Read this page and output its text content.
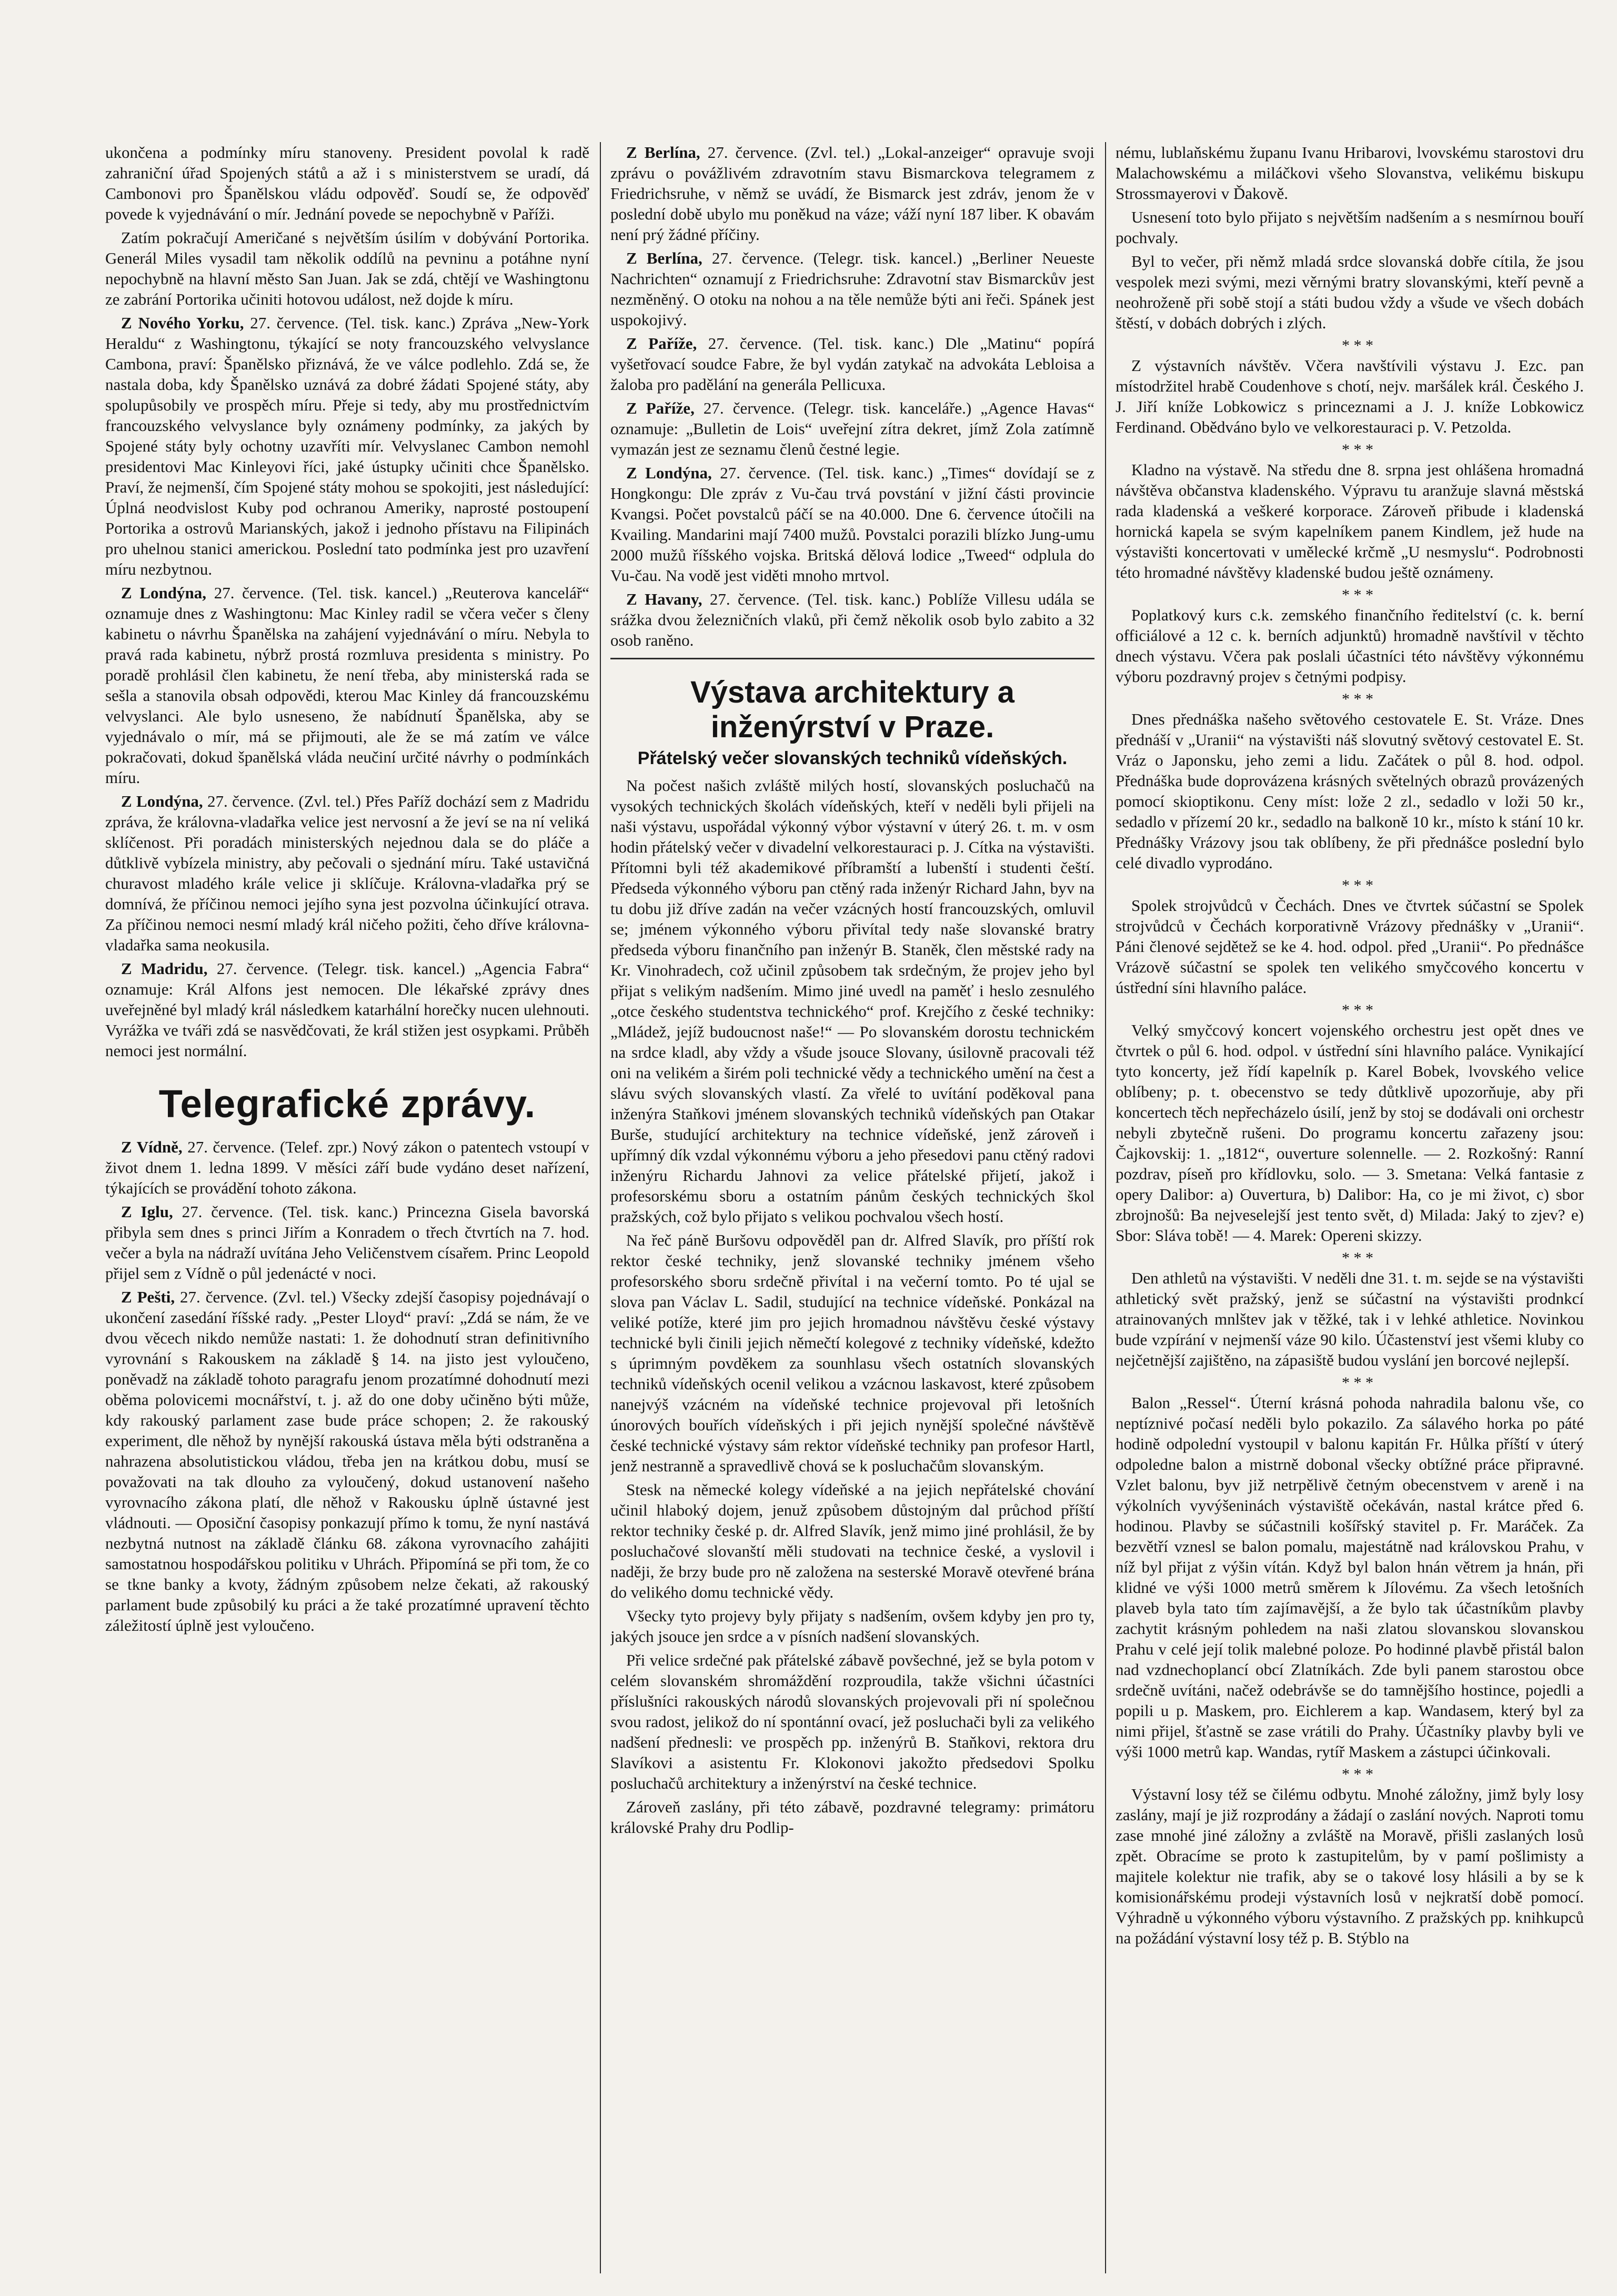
ukončena a podmínky míru stanoveny. President povolal k radě zahraniční úřad Spojených států a až i s ministerstvem se uradí, dá Cambonovi pro Španělskou vládu odpověď. Soudí se, že odpověď povede k vyjednávání o mír. Jednání povede se nepochybně v Paříži.

Zatím pokračují Američané s největším úsilím v dobývání Portorika. Generál Miles vysadil tam několik oddílů na pevninu a potáhne nyní nepochybně na hlavní město San Juan. Jak se zdá, chtějí ve Washingtonu ze zabrání Portorika učiniti hotovou událost, než dojde k míru.

Z Nového Yorku, 27. července. (Tel. tisk. kanc.) Zpráva „New-York Heraldu“ z Washingtonu, týkající se noty francouzského velvyslance Cambona, praví: Španělsko přiznává, že ve válce podlehlo. Zdá se, že nastala doba, kdy Španělsko uznává za dobré žádati Spojené státy, aby spolupůsobily ve prospěch míru. Přeje si tedy, aby mu prostřednictvím francouzského velvyslance byly oznámeny podmínky, za jakých by Spojené státy byly ochotny uzavříti mír. Velvyslanec Cambon nemohl presidentovi Mac Kinleyovi říci, jaké ústupky učiniti chce Španělsko. Praví, že nejmenší, čím Spojené státy mohou se spokojiti, jest následující: Úplná neodvislost Kuby pod ochranou Ameriky, naprosté postoupení Portorika a ostrovů Marianských, jakož i jednoho přístavu na Filipinách pro uhelnou stanici americkou. Poslední tato podmínka jest pro uzavření míru nezbytnou.

Z Londýna, 27. července. (Tel. tisk. kancel.) „Reuterova kancelář“ oznamuje dnes z Washingtonu: Mac Kinley radil se včera večer s členy kabinetu o návrhu Španělska na zahájení vyjednávání o míru. Nebyla to pravá rada kabinetu, nýbrž prostá rozmluva presidenta s ministry. Po poradě prohlásil člen kabinetu, že není třeba, aby ministerská rada se sešla a stanovila obsah odpovědi, kterou Mac Kinley dá francouzskému velvyslanci. Ale bylo usneseno, že nabídnutí Španělska, aby se vyjednávalo o mír, má se přijmouti, ale že se má zatím ve válce pokračovati, dokud španělská vláda neučiní určité návrhy o podmínkách míru.

Z Londýna, 27. července. (Zvl. tel.) Přes Paříž dochází sem z Madridu zpráva, že královna-vladařka velice jest nervosní a že jeví se na ní veliká sklíčenost. Při poradách ministerských nejednou dala se do pláče a důtklivě vybízela ministry, aby pečovali o sjednání míru. Také ustavičná churavost mladého krále velice ji sklíčuje. Královna-vladařka prý se domnívá, že příčinou nemoci jejího syna jest pozvolna účinkující otrava. Za příčinou nemoci nesmí mladý král ničeho požiti, čeho dříve královna-vladařka sama neokusila.

Z Madridu, 27. července. (Telegr. tisk. kancel.) „Agencia Fabra“ oznamuje: Král Alfons jest nemocen. Dle lékařské zprávy dnes uveřejněné byl mladý král následkem katarhální horečky nucen ulehnouti. Vyrážka ve tváři zdá se nasvědčovati, že král stižen jest osypkami. Průběh nemoci jest normální.

Telegrafické zprávy.

Z Vídně, 27. července. (Telef. zpr.) Nový zákon o patentech vstoupí v život dnem 1. ledna 1899. V měsíci září bude vydáno deset nařízení, týkajících se provádění tohoto zákona.

Z Iglu, 27. července. (Tel. tisk. kanc.) Princezna Gisela bavorská přibyla sem dnes s princi Jiřím a Konradem o třech čtvrtích na 7. hod. večer a byla na nádraží uvítána Jeho Veličenstvem císařem. Princ Leopold přijel sem z Vídně o půl jedenácté v noci.

Z Pešti, 27. července. (Zvl. tel.) Všecky zdejší časopisy pojednávají o ukončení zasedání říšské rady. „Pester Lloyd“ praví: „Zdá se nám, že ve dvou věcech nikdo nemůže nastati: 1. že dohodnutí stran definitivního vyrovnání s Rakouskem na základě § 14. na jisto jest vyloučeno, poněvadž na základě tohoto paragrafu jenom prozatímné dohodnutí mezi oběma polovicemi mocnářství, t. j. až do one doby učiněno býti může, kdy rakouský parlament zase bude práce schopen; 2. že rakouský experiment, dle něhož by nynější rakouská ústava měla býti odstraněna a nahrazena absolutistickou vládou, třeba jen na krátkou dobu, musí se považovati na tak dlouho za vyloučený, dokud ustanovení našeho vyrovnacího zákona platí, dle něhož v Rakousku úplně ústavné jest vládnouti. — Oposiční časopisy ponkazují přímo k tomu, že nyní nastává nezbytná nutnost na základě článku 68. zákona vyrovnacího zahájiti samostatnou hospodářskou politiku v Uhrách. Připomíná se při tom, že co se tkne banky a kvoty, žádným způsobem nelze čekati, až rakouský parlament bude způsobilý ku práci a že také prozatímné upravení těchto záležitostí úplně jest vyloučeno.

Z Berlína, 27. července. (Zvl. tel.) „Lokal-anzeiger“ opravuje svoji zprávu o povážlivém zdravotním stavu Bismarckova telegramem z Friedrichsruhe, v němž se uvádí, že Bismarck jest zdráv, jenom že v poslední době ubylo mu poněkud na váze; váží nyní 187 liber. K obavám není prý žádné příčiny.

Z Berlína, 27. července. (Telegr. tisk. kancel.) „Berliner Neueste Nachrichten“ oznamují z Friedrichsruhe: Zdravotní stav Bismarckův jest nezměněný. O otoku na nohou a na těle nemůže býti ani řeči. Spánek jest uspokojivý.

Z Paříže, 27. července. (Tel. tisk. kanc.) Dle „Matinu“ popírá vyšetřovací soudce Fabre, že byl vydán zatykač na advokáta Lebloisa a žaloba pro padělání na generála Pellicuxa.

Z Paříže, 27. července. (Telegr. tisk. kanceláře.) „Agence Havas“ oznamuje: „Bulletin de Lois“ uveřejní zítra dekret, jímž Zola zatímně vymazán jest ze seznamu členů čestné legie.

Z Londýna, 27. července. (Tel. tisk. kanc.) „Times“ dovídají se z Hongkongu: Dle zpráv z Vu-čau trvá povstání v jižní části provincie Kvangsi. Počet povstalců páčí se na 40.000. Dne 6. července útočili na Kvailing. Mandarini mají 7400 mužů. Povstalci porazili blízko Jung-umu 2000 mužů říšského vojska. Britská dělová lodice „Tweed“ odplula do Vu-čau. Na vodě jest viděti mnoho mrtvol.

Z Havany, 27. července. (Tel. tisk. kanc.) Poblíže Villesu udála se srážka dvou železničních vlaků, při čemž několik osob bylo zabito a 32 osob raněno.

Výstava architektury a inženýrství v Praze.
Přátelský večer slovanských techniků vídeňských.

Na počest našich zvláště milých hostí, slovanských posluchačů na vysokých technických školách vídeňských, kteří v neděli byli přijeli na naši výstavu, uspořádal výkonný výbor výstavní v úterý 26. t. m. v osm hodin přátelský večer v divadelní velkorestauraci p. J. Cítka na výstavišti. Přítomni byli též akademikové příbramští a lubenští i studenti čeští. Předseda výkonného výboru pan ctěný rada inženýr Richard Jahn, byv na tu dobu již dříve zadán na večer vzácných hostí francouzských, omluvil se; jménem výkonného výboru přivítal tedy naše slovanské bratry předseda výboru finančního pan inženýr B. Staněk, člen městské rady na Kr. Vinohradech, což učinil způsobem tak srdečným, že projev jeho byl přijat s velikým nadšením. Mimo jiné uvedl na paměť i heslo zesnulého „otce českého studentstva technického“ prof. Krejčího z české techniky: „Mládež, jejíž budoucnost naše!“ — Po slovanském dorostu technickém na srdce kladl, aby vždy a všude jsouce Slovany, úsilovně pracovali též oni na velikém a širém poli technické vědy a technického umění na čest a slávu svých slovanských vlastí. Za vřelé to uvítání poděkoval pana inženýra Staňkovi jménem slovanských techniků vídeňských pan Otakar Burše, studující architektury na technice vídeňské, jenž zároveň i upřímný dík vzdal výkonnému výboru a jeho přesedovi panu ctěný radovi inženýru Richardu Jahnovi za velice přátelské přijetí, jakož i profesorskému sboru a ostatním pánům českých technických škol pražských, což bylo přijato s velikou pochvalou všech hostí.

Na řeč páně Buršovu odpověděl pan dr. Alfred Slavík, pro příští rok rektor české techniky, jenž slovanské techniky jménem všeho profesorského sboru srdečně přivítal i na večerní tomto. Po té ujal se slova pan Václav L. Sadil, studující na technice vídeňské. Ponkázal na veliké potíže, které jim pro jejich hromadnou návštěvu české výstavy technické byli činili jejich němečtí kolegové z techniky vídeňské, kdežto s úprimným povděkem za sounhlasu všech ostatních slovanských techniků vídeňských ocenil velikou a vzácnou laskavost, které způsobem nanejvýš vzácném na vídeňské technice projevoval při letošních únorových bouřích vídeňských i při jejich nynější společné návštěvě české technické výstavy sám rektor vídeňské techniky pan profesor Hartl, jenž nestranně a spravedlivě chová se k posluchačům slovanským.

Stesk na německé kolegy vídeňské a na jejich nepřátelské chování učinil hlaboký dojem, jenuž způsobem důstojným dal průchod příští rektor techniky české p. dr. Alfred Slavík, jenž mimo jiné prohlásil, že by posluchačové slovanští měli studovati na technice české, a vyslovil i naději, že brzy bude pro ně založena na sesterské Moravě otevřené brána do velikého domu technické vědy.

Všecky tyto projevy byly přijaty s nadšením, ovšem kdyby jen pro ty, jakých jsouce jen srdce a v písních nadšení slovanských.

Při velice srdečné pak přátelské zábavě povšechné, jež se byla potom v celém slovanském shromáždění rozproudila, takže všichni účastníci příslušníci rakouských národů slovanských projevovali při ní společnou svou radost, jelikož do ní spontánní ovací, jež posluchači byli za velikého nadšení přednesli: ve prospěch pp. inženýrů B. Staňkovi, rektora dru Slavíkovi a asistentu Fr. Klokonovi jakožto předsedovi Spolku posluchačů architektury a inženýrství na české technice.

Zároveň zaslány, při této zábavě, pozdravné telegramy: primátoru královské Prahy dru Podlip-

nému, lublaňskému županu Ivanu Hribarovi, lvovskému starostovi dru Malachowskému a miláčkovi všeho Slovanstva, velikému biskupu Strossmayerovi v Ďakově.

Usnesení toto bylo přijato s největším nadšením a s nesmírnou bouří pochvaly.

Byl to večer, při němž mladá srdce slovanská dobře cítila, že jsou vespolek mezi svými, mezi věrnými bratry slovanskými, kteří pevně a neohroženě při sobě stojí a státi budou vždy a všude ve všech dobách štěstí, v dobách dobrých i zlých.

* * *

Z výstavních návštěv. Včera navštívili výstavu J. Ezc. pan místodržitel hrabě Coudenhove s chotí, nejv. maršálek král. Českého J. J. Jiří kníže Lobkowicz s princeznami a J. J. kníže Lobkowicz Ferdinand. Obědváno bylo ve velkorestauraci p. V. Petzolda.

* * *

Kladno na výstavě. Na středu dne 8. srpna jest ohlášena hromadná návštěva občanstva kladenského. Výpravu tu aranžuje slavná městská rada kladenská a veškeré korporace. Zároveň přibude i kladenská hornická kapela se svým kapelníkem panem Kindlem, jež hude na výstavišti koncertovati v umělecké krčmě „U nesmyslu“. Podrobnosti této hromadné návštěvy kladenské budou ještě oznámeny.

* * *

Poplatkový kurs c.k. zemského finančního ředitelství (c. k. berní officiálové a 12 c. k. berních adjunktů) hromadně navštívil v těchto dnech výstavu. Včera pak poslali účastníci této návštěvy výkonnému výboru pozdravný projev s četnými podpisy.

* * *

Dnes přednáška našeho světového cestovatele E. St. Vráze. Dnes přednáší v „Uranii“ na výstavišti náš slovutný světový cestovatel E. St. Vráz o Japonsku, jeho zemi a lidu. Začátek o půl 8. hod. odpol. Přednáška bude doprovázena krásných světelných obrazů provázených pomocí skioptikonu. Ceny míst: lože 2 zl., sedadlo v loži 50 kr., sedadlo v přízemí 20 kr., sedadlo na balkoně 10 kr., místo k stání 10 kr. Přednášky Vrázovy jsou tak oblíbeny, že při přednášce poslední bylo celé divadlo vyprodáno.

* * *

Spolek strojvůdců v Čechách. Dnes ve čtvrtek súčastní se Spolek strojvůdců v Čechách korporativně Vrázovy přednášky v „Uranii“. Páni členové sejdětež se ke 4. hod. odpol. před „Uranii“. Po přednášce Vrázově súčastní se spolek ten velikého smyčcového koncertu v ústřední síni hlavního paláce.

* * *

Velký smyčcový koncert vojenského orchestru jest opět dnes ve čtvrtek o půl 6. hod. odpol. v ústřední síni hlavního paláce. Vynikající tyto koncerty, jež řídí kapelník p. Karel Bobek, lvovského velice oblíbeny; p. t. obecenstvo se tedy důtklivě upozorňuje, aby při koncertech těch nepřecházelo úsilí, jenž by stoj se dodávali oni orchestr nebyli zbytečně rušeni. Do programu koncertu zařazeny jsou: Čajkovskij: 1. „1812“, ouverture solennelle. — 2. Rozkošný: Ranní pozdrav, píseň pro křídlovku, solo. — 3. Smetana: Velká fantasie z opery Dalibor: a) Ouvertura, b) Dalibor: Ha, co je mi život, c) sbor zbrojnošů: Ba nejveselejší jest tento svět, d) Milada: Jaký to zjev? e) Sbor: Sláva tobě! — 4. Marek: Opereni skizzy.

* * *

Den athletů na výstavišti. V neděli dne 31. t. m. sejde se na výstavišti athletický svět pražský, jenž se súčastní na výstavišti prodnkcí atrainovaných mnlštev jak v těžké, tak i v lehké athletice. Novinkou bude vzpírání v nejmenší váze 90 kilo. Účastenství jest všemi kluby co nejčetnější zajištěno, na zápasiště budou vyslání jen borcové nejlepší.

* * *

Balon „Ressel“. Úterní krásná pohoda nahradila balonu vše, co neptíznivé počasí neděli bylo pokazilo. Za sálavého horka po páté hodině odpolední vystoupil v balonu kapitán Fr. Hůlka příští v úterý odpoledne balon a mistrně dobonal všecky obtížné práce připravné. Vzlet balonu, byv již netrpělivě četným obecenstvem v areně i na výkolních vyvýšeninách výstaviště očekáván, nastal krátce před 6. hodinou. Plavby se súčastnili košířský stavitel p. Fr. Maráček. Za bezvětří vznesl se balon pomalu, majestátně nad královskou Prahu, v níž byl přijat z výšin vítán. Když byl balon hnán větrem ja hnán, při klidné ve výši 1000 metrů směrem k Jílovému. Za všech letošních plaveb byla tato tím zajímavější, a že bylo tak účastníkům plavby zachytit krásným pohledem na naši zlatou slovanskou slovanskou Prahu v celé její tolik malebné poloze. Po hodinné plavbě přistál balon nad vzdnechoplancí obcí Zlatníkách. Zde byli panem starostou obce srdečně uvítáni, načež odebrávše se do tamnějšího hostince, pojedli a popili u p. Maskem, pro. Eichlerem a kap. Wandasem, který byl za nimi přijel, šťastně se zase vrátili do Prahy. Účastníky plavby byli ve výši 1000 metrů kap. Wandas, rytíř Maskem a zástupci účinkovali.

* * *

Výstavní losy též se čilému odbytu. Mnohé záložny, jimž byly losy zaslány, mají je již rozprodány a žádají o zaslání nových. Naproti tomu zase mnohé jiné záložny a zvláště na Moravě, přišli zaslaných losů zpět. Obracíme se proto k zastupitelům, by v pamí pošlimisty a majitele kolektur nie trafik, aby se o takové losy hlásili a by se k komisionářskému prodeji výstavních losů v nejkratší době pomocí. Výhradně u výkonného výboru výstavního. Z pražských pp. knihkupců na požádání výstavní losy též p. B. Stýblo na
